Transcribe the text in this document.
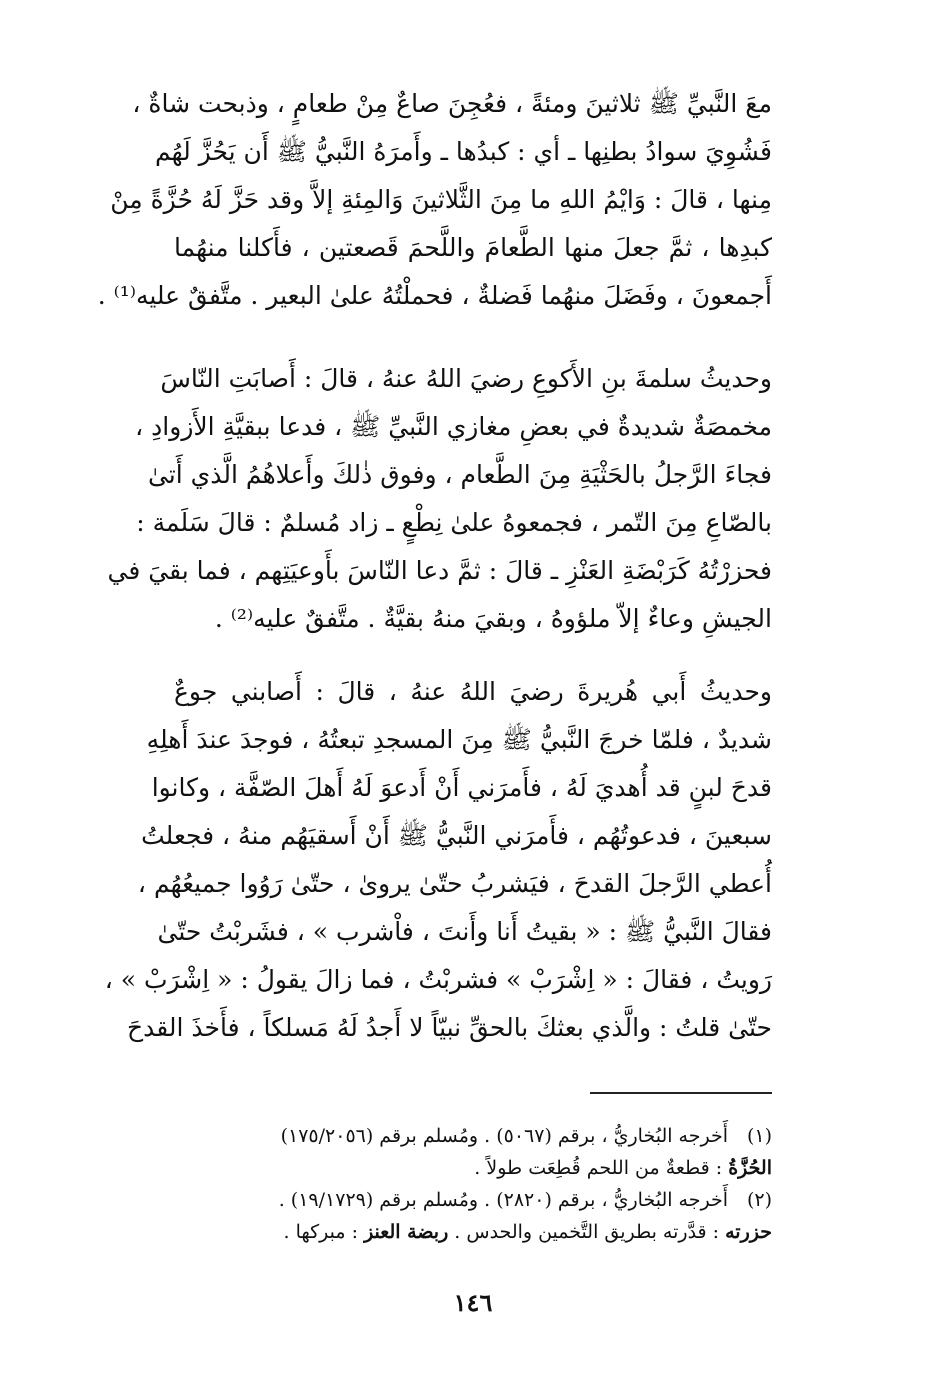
معَ النَّبيِّ ﷺ ثلاثينَ ومئةً ، فعُجِنَ صاعٌ مِنْ طعامٍ ، وذبحت شاةٌ ،
فَشُوِيَ سوادُ بطنِها ـ أي : كبدُها ـ وأَمرَهُ النَّبيُّ ﷺ أَن يَحُزَّ لَهُم
مِنها ، قالَ : وَايْمُ اللهِ ما مِنَ الثَّلاثينَ وَالمِئةِ إلاَّ وقد حَزَّ لَهُ حُزَّةً مِنْ
كبدِها ، ثمَّ جعلَ منها الطَّعامَ واللَّحمَ قَصعتين ، فأَكلنا منهُما
أَجمعونَ ، وفَضَلَ منهُما فَضلةٌ ، فحملْتُهُ علىٰ البعير . متَّفقٌ عليه⁽¹⁾ .
وحديثُ سلمةَ بنِ الأَكوعِ رضيَ اللهُ عنهُ ، قالَ : أَصابَتِ النّاسَ
مخمصَةٌ شديدةٌ في بعضِ مغازي النَّبيِّ ﷺ ، فدعا ببقيَّةِ الأَزوادِ ،
فجاءَ الرَّجلُ بالحَثْيَةِ مِنَ الطَّعام ، وفوق ذٰلكَ وأَعلاهُمُ الَّذي أَتىٰ
بالصّاعِ مِنَ التّمر ، فجمعوهُ علىٰ نِطْعٍ ـ زاد مُسلمٌ : قالَ سَلَمة :
فحزرْتُهُ كَرَبْضَةِ العَنْزِ ـ قالَ : ثمَّ دعا النّاسَ بأَوعيَتِهم ، فما بقيَ في
الجيشِ وعاءٌ إلاّ ملؤوهُ ، وبقيَ منهُ بقيَّةٌ . متَّفقٌ عليه⁽²⁾ .
وحديثُ أَبي هُريرةَ رضيَ اللهُ عنهُ ، قالَ : أَصابني جوعٌ
شديدٌ ، فلمّا خرجَ النَّبيُّ ﷺ مِنَ المسجدِ تبعتُهُ ، فوجدَ عندَ أَهلِهِ
قدحَ لبنٍ قد أُهديَ لَهُ ، فأَمرَني أَنْ أَدعوَ لَهُ أَهلَ الصّفَّة ، وكانوا
سبعينَ ، فدعوتُهُم ، فأَمرَني النَّبيُّ ﷺ أَنْ أَسقيَهُم منهُ ، فجعلتُ
أُعطي الرَّجلَ القدحَ ، فيَشربُ حتّىٰ يروىٰ ، حتّىٰ رَوُوا جميعُهُم ،
فقالَ النَّبيُّ ﷺ : « بقيتُ أَنا وأَنتَ ، فاْشرب » ، فشَربْتُ حتّىٰ
رَويتُ ، فقالَ : « اِشْرَبْ » فشربْتُ ، فما زالَ يقولُ : « اِشْرَبْ » ،
حتّىٰ قلتُ : والَّذي بعثكَ بالحقِّ نبيّاً لا أَجدُ لَهُ مَسلكاً ، فأَخذَ القدحَ
(١)أَخرجه البُخاريُّ ، برقم (٥٠٦٧) . ومُسلم برقم (١٧٥/٢٠٥٦)
الحُزَّةُ : قطعةٌ من اللحم قُطِعَت طولاً .
(٢)أَخرجه البُخاريُّ ، برقم (٢٨٢٠) . ومُسلم برقم (١٩/١٧٢٩) .
حزرته : قدَّرته بطريق التَّخمين والحدس . ربضة العنز : مبركها .
١٤٦
